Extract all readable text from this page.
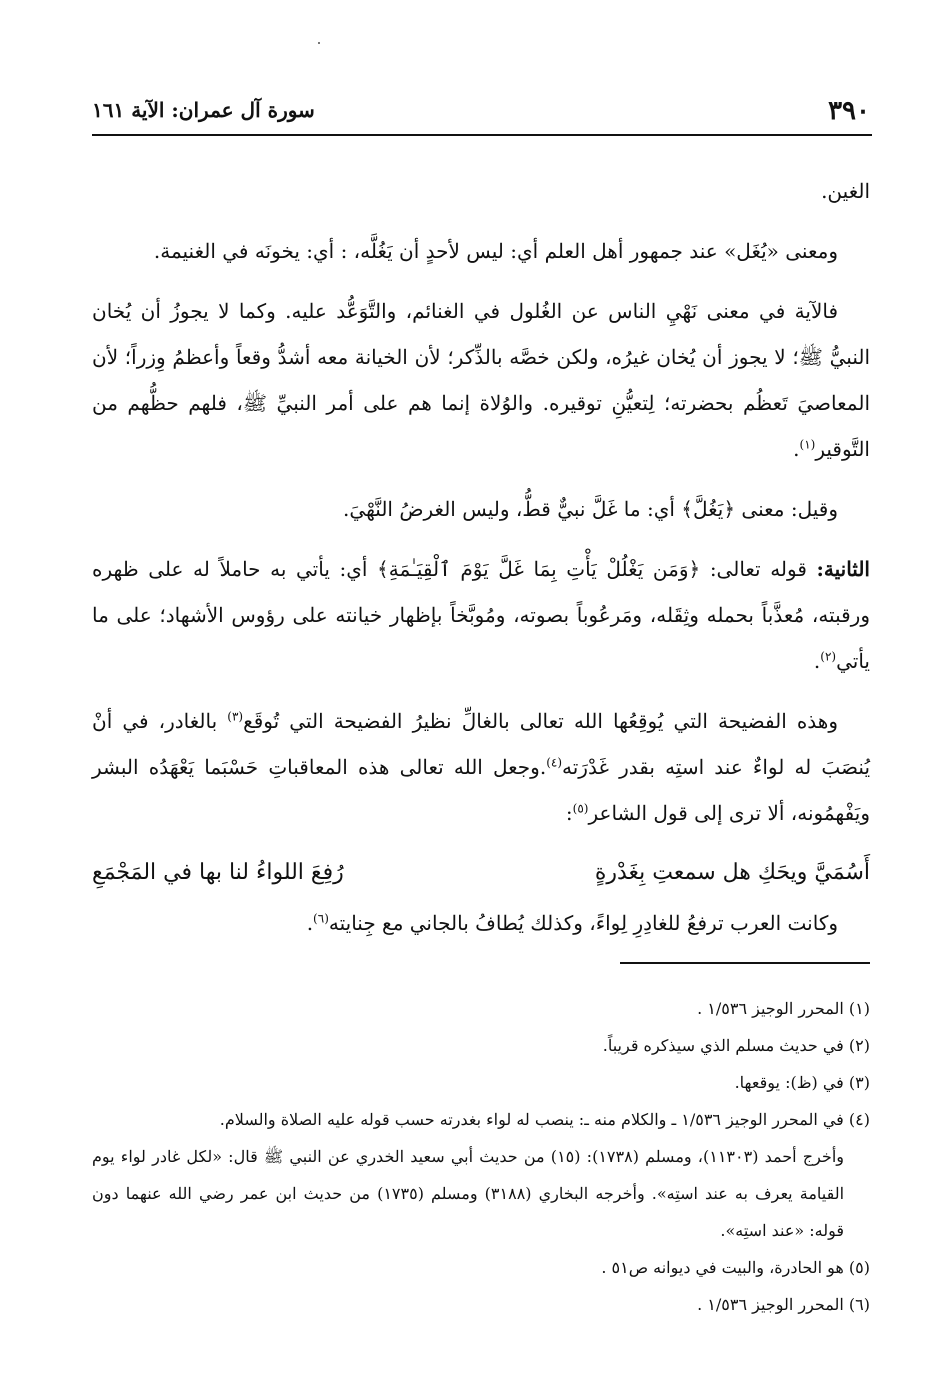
٣٩٠
سورة آل عمران: الآية ١٦١

الغين.

ومعنى «يُغَل» عند جمهور أهل العلم أي: ليس لأحدٍ أن يَغُلَّه، : أي: يخونَه في الغنيمة.

فالآية في معنى نَهْيِ الناس عن الغُلول في الغنائم، والتَّوَعُّد عليه. وكما لا يجوزُ أن يُخان النبيُّ ﷺ؛ لا يجوز أن يُخان غيرُه، ولكن خصَّه بالذِّكر؛ لأن الخيانة معه أشدُّ وقعاً وأعظمُ وِزراً؛ لأن المعاصيَ تَعظُم بحضرته؛ لِتعيُّنِ توقيره. والوُلاة إنما هم على أمر النبيِّ ﷺ، فلهم حظُّهم من التَّوقير$^{(١)}$.

وقيل: معنى ﴿يَغُلَّ﴾ أي: ما غَلَّ نبيٌّ قطُّ، وليس الغرضُ النَّهْيَ.

الثانية: قوله تعالى: ﴿وَمَن يَغْلُلْ يَأْتِ بِمَا غَلَّ يَوْمَ ٱلْقِيَـٰمَةِ﴾ أي: يأتي به حاملاً له على ظهره ورقبته، مُعذَّباً بحمله وثِقَله، ومَرعُوباً بصوته، ومُوبَّخاً بإظهار خيانته على رؤوس الأشهاد؛ على ما يأتي$^{(٢)}$.

وهذه الفضيحة التي يُوقِعُها الله تعالى بالغالِّ نظيرُ الفضيحة التي تُوقَع$^{(٣)}$ بالغادر، في أنْ يُنصَبَ له لواءٌ عند استِه بقدر غَدْرَته$^{(٤)}$.وجعل الله تعالى هذه المعاقباتِ حَسْبَما يَعْهَدُه البشر ويَفْهمُونه، ألا ترى إلى قول الشاعر$^{(٥)}$:

أَسُمَيَّ ويحَكِ هل سمعتِ بِغَدْرةٍ
رُفِعَ اللواءُ لنا بها في المَجْمَعِ

وكانت العرب ترفعُ للغادِرِ لِواءً، وكذلك يُطافُ بالجاني مع جِنايته$^{(٦)}$.

(١) المحرر الوجيز ١/٥٣٦ .

(٢) في حديث مسلم الذي سيذكره قريباً.

(٣) في (ظ): يوقعها.

(٤) في المحرر الوجيز ١/٥٣٦ ـ والكلام منه ـ: ينصب له لواء بغدرته حسب قوله عليه الصلاة والسلام.

وأخرج أحمد (١١٣٠٣)، ومسلم (١٧٣٨): (١٥) من حديث أبي سعيد الخدري عن النبي ﷺ قال: «لكل غادر لواء يوم القيامة يعرف به عند استِه». وأخرجه البخاري (٣١٨٨) ومسلم (١٧٣٥) من حديث ابن عمر رضي الله عنهما دون قوله: «عند استِه».

(٥) هو الحادرة، والبيت في ديوانه ص٥١ .

(٦) المحرر الوجيز ١/٥٣٦ .
